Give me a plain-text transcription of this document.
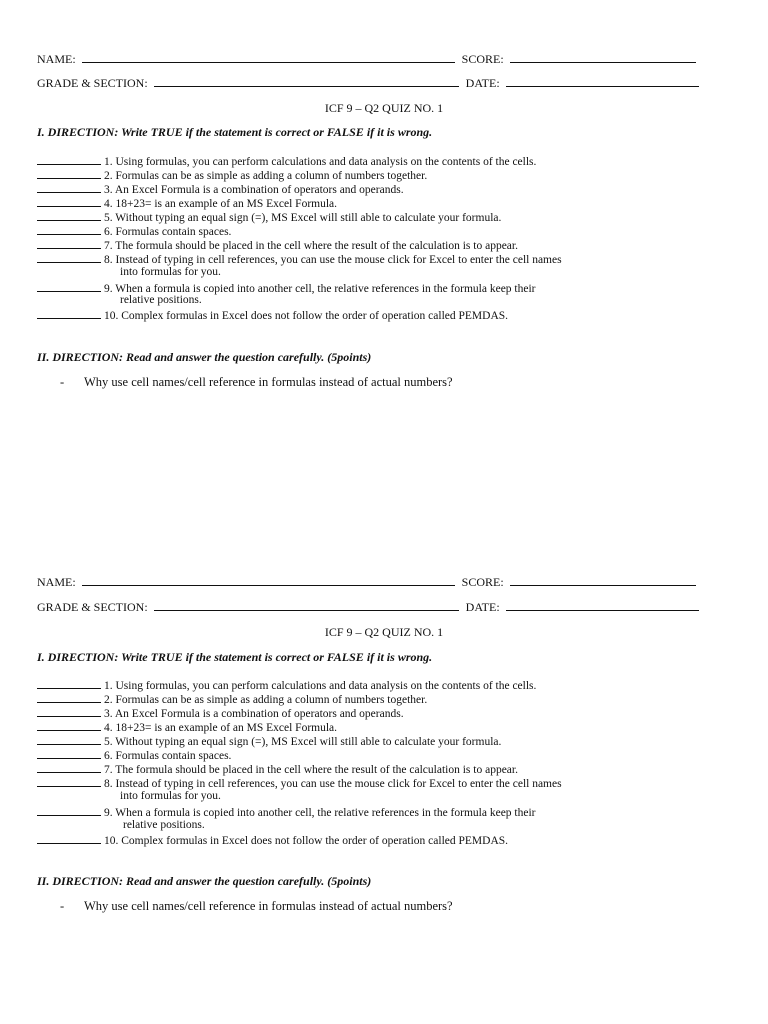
NAME:	SCORE:
GRADE & SECTION:	DATE:
ICF 9 – Q2 QUIZ NO. 1
I. DIRECTION: Write TRUE if the statement is correct or FALSE if it is wrong.
1. Using formulas, you can perform calculations and data analysis on the contents of the cells.
2. Formulas can be as simple as adding a column of numbers together.
3. An Excel Formula is a combination of operators and operands.
4. 18+23= is an example of an MS Excel Formula.
5. Without typing an equal sign (=), MS Excel will still able to calculate your formula.
6. Formulas contain spaces.
7. The formula should be placed in the cell where the result of the calculation is to appear.
8. Instead of typing in cell references, you can use the mouse click for Excel to enter the cell names
into formulas for you.
9. When a formula is copied into another cell, the relative references in the formula keep their
relative positions.
10. Complex formulas in Excel does not follow the order of operation called PEMDAS.
II. DIRECTION: Read and answer the question carefully. (5points)
- Why use cell names/cell reference in formulas instead of actual numbers?
NAME:	SCORE:
GRADE & SECTION:	DATE:
ICF 9 – Q2 QUIZ NO. 1
I. DIRECTION: Write TRUE if the statement is correct or FALSE if it is wrong.
1. Using formulas, you can perform calculations and data analysis on the contents of the cells.
2. Formulas can be as simple as adding a column of numbers together.
3. An Excel Formula is a combination of operators and operands.
4. 18+23= is an example of an MS Excel Formula.
5. Without typing an equal sign (=), MS Excel will still able to calculate your formula.
6. Formulas contain spaces.
7. The formula should be placed in the cell where the result of the calculation is to appear.
8. Instead of typing in cell references, you can use the mouse click for Excel to enter the cell names
into formulas for you.
9. When a formula is copied into another cell, the relative references in the formula keep their
relative positions.
10. Complex formulas in Excel does not follow the order of operation called PEMDAS.
II. DIRECTION: Read and answer the question carefully. (5points)
- Why use cell names/cell reference in formulas instead of actual numbers?
